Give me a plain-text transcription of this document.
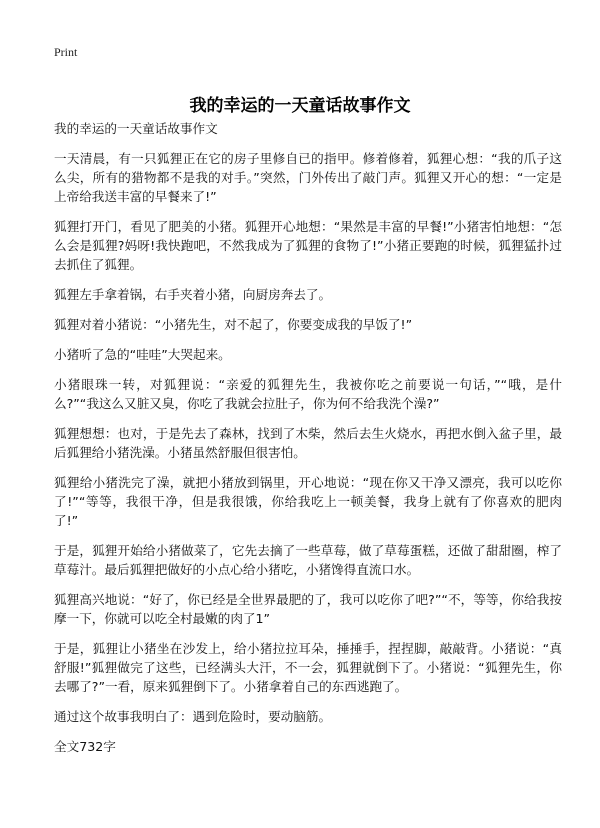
Print
我的幸运的一天童话故事作文

我的幸运的一天童话故事作文

一天清晨，有一只狐狸正在它的房子里修自已的指甲。修着修着，狐狸心想：“我的爪子这么尖，所有的猎物都不是我的对手。”突然，门外传出了敲门声。狐狸又开心的想：“一定是上帝给我送丰富的早餐来了!”

狐狸打开门，看见了肥美的小猪。狐狸开心地想：“果然是丰富的早餐!”小猪害怕地想：“怎么会是狐狸?妈呀!我快跑吧，不然我成为了狐狸的食物了!”小猪正要跑的时候，狐狸猛扑过去抓住了狐狸。

狐狸左手拿着锅，右手夹着小猪，向厨房奔去了。

狐狸对着小猪说：“小猪先生，对不起了，你要变成我的早饭了!”

小猪听了急的“哇哇”大哭起来。

小猪眼珠一转，对狐狸说：“亲爱的狐狸先生，我被你吃之前要说一句话，”“哦，是什么?”“我这么又脏又臭，你吃了我就会拉肚子，你为何不给我洗个澡?”

狐狸想想：也对，于是先去了森林，找到了木柴，然后去生火烧水，再把水倒入盆子里，最后狐狸给小猪洗澡。小猪虽然舒服但很害怕。

狐狸给小猪洗完了澡，就把小猪放到锅里，开心地说：“现在你又干净又漂亮，我可以吃你了!”“等等，我很干净，但是我很饿，你给我吃上一顿美餐，我身上就有了你喜欢的肥肉了!”

于是，狐狸开始给小猪做菜了，它先去摘了一些草莓，做了草莓蛋糕，还做了甜甜圈，榨了草莓汁。最后狐狸把做好的小点心给小猪吃，小猪馋得直流口水。

狐狸高兴地说：“好了，你已经是全世界最肥的了，我可以吃你了吧?”“不，等等，你给我按摩一下，你就可以吃全村最嫩的肉了1”

于是，狐狸让小猪坐在沙发上，给小猪拉拉耳朵，捶捶手，捏捏脚，敲敲背。小猪说：“真舒服!”狐狸做完了这些，已经满头大汗，不一会，狐狸就倒下了。小猪说：“狐狸先生，你去哪了?”一看，原来狐狸倒下了。小猪拿着自己的东西逃跑了。

通过这个故事我明白了：遇到危险时，要动脑筋。

全文732字
